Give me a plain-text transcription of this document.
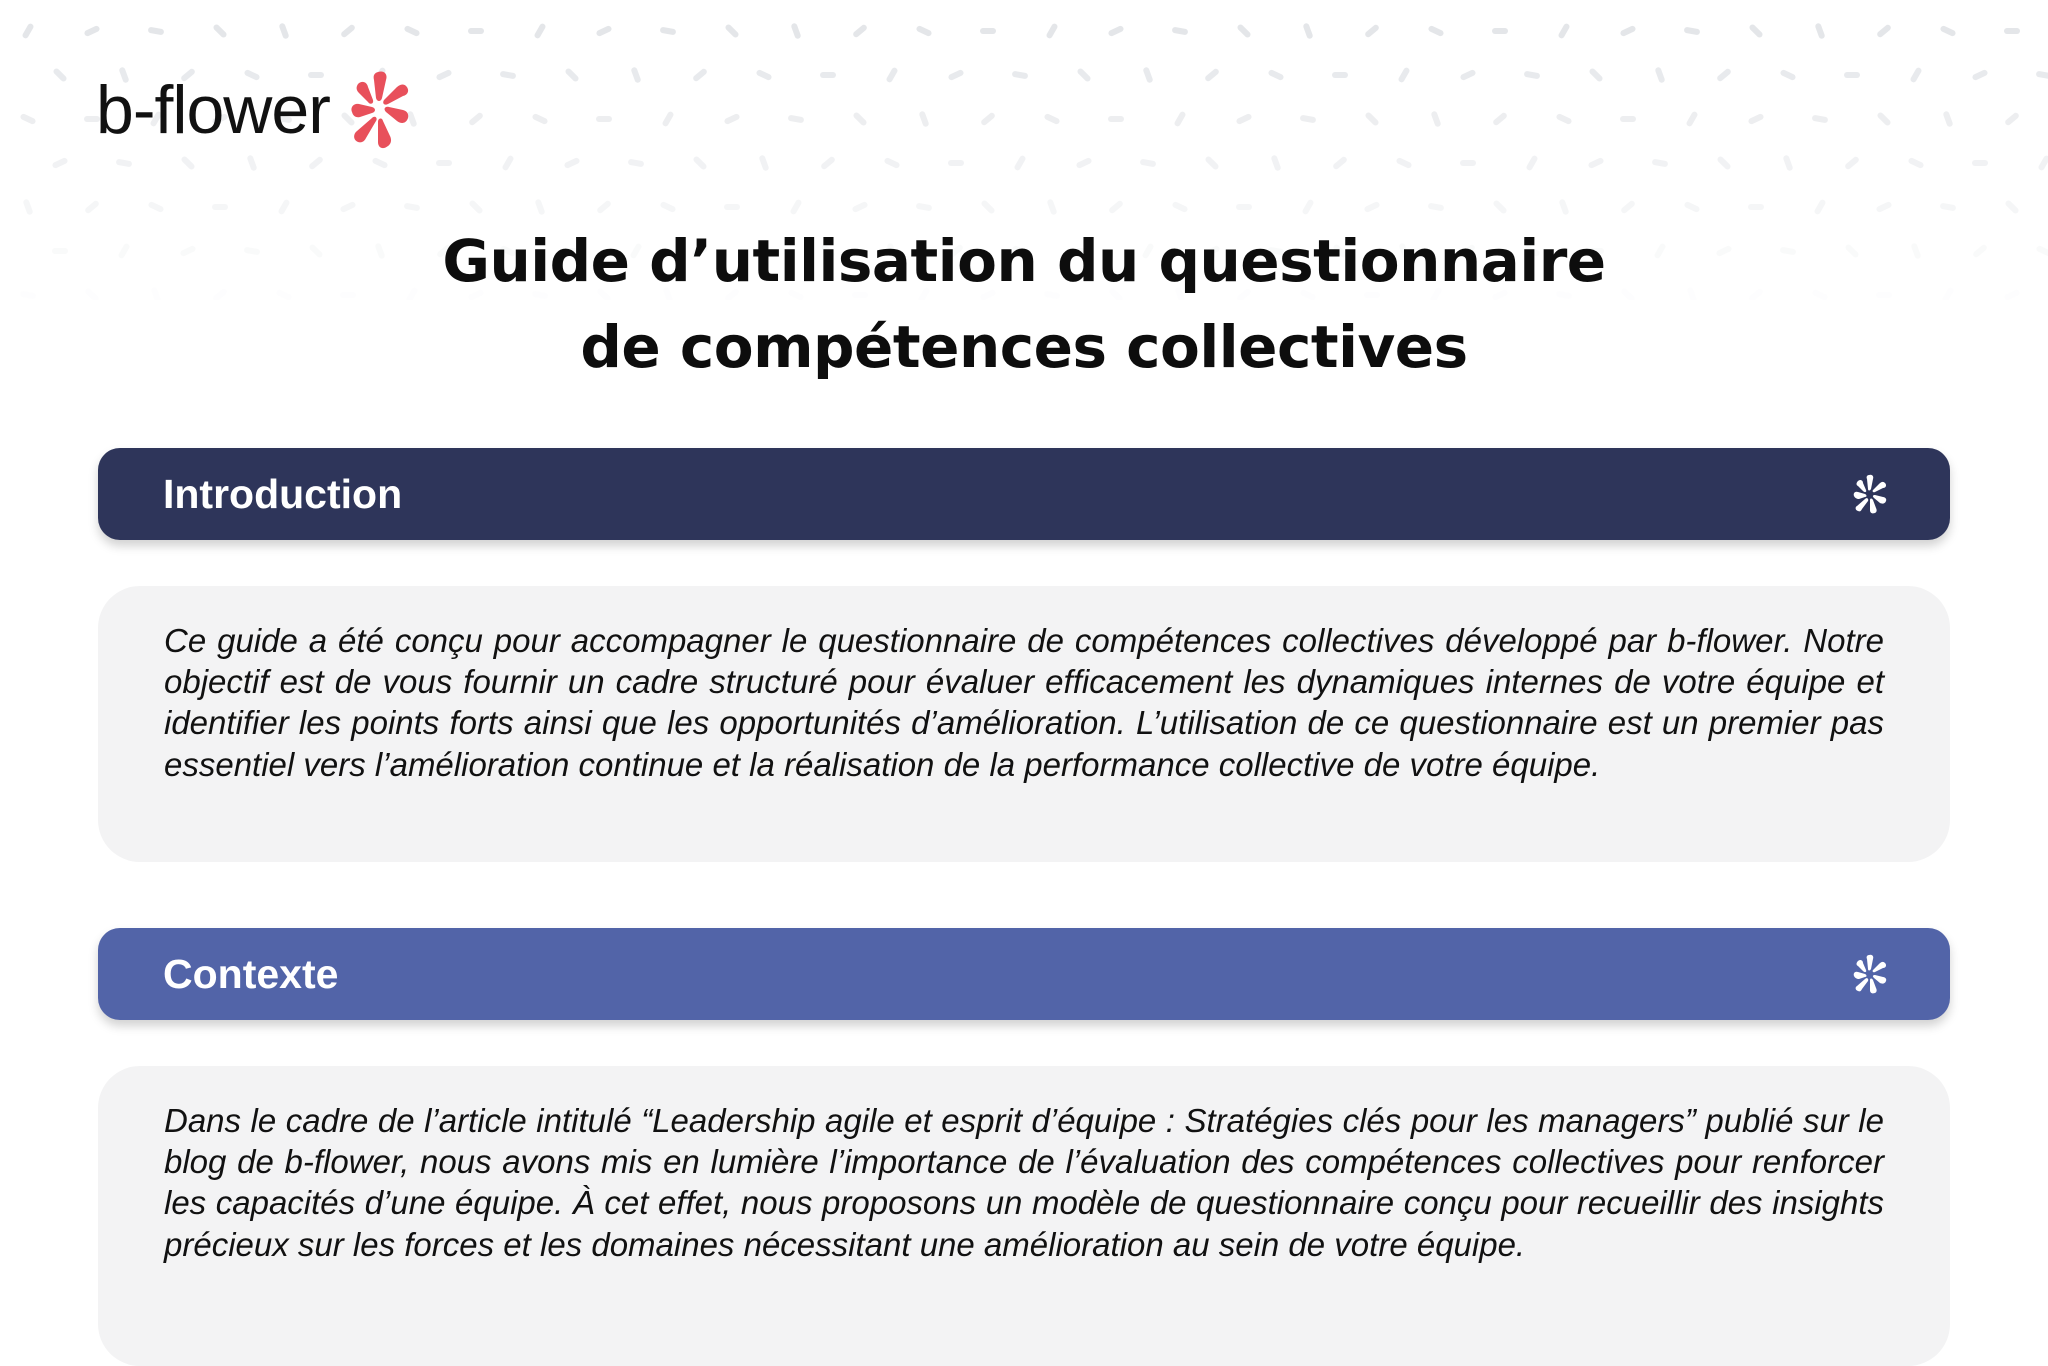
b-flower
Guide d’utilisation du questionnaire
de compétences collectives
Introduction

Ce guide a été conçu pour accompagner le questionnaire de compétences collectives développé par b-flower. Notre objectif est de vous fournir un cadre structuré pour évaluer efficacement les dynamiques internes de votre équipe et identifier les points forts ainsi que les opportunités d’amélioration. L’utilisation de ce questionnaire est un premier pas essentiel vers l’amélioration continue et la réalisation de la performance collective de votre équipe.

Contexte

Dans le cadre de l’article intitulé “Leadership agile et esprit d’équipe : Stratégies clés pour les managers” publié sur le blog de b-flower, nous avons mis en lumière l’importance de l’évaluation des compétences collectives pour renforcer les capacités d’une équipe. À cet effet, nous proposons un modèle de questionnaire conçu pour recueillir des insights précieux sur les forces et les domaines nécessitant une amélioration au sein de votre équipe.
